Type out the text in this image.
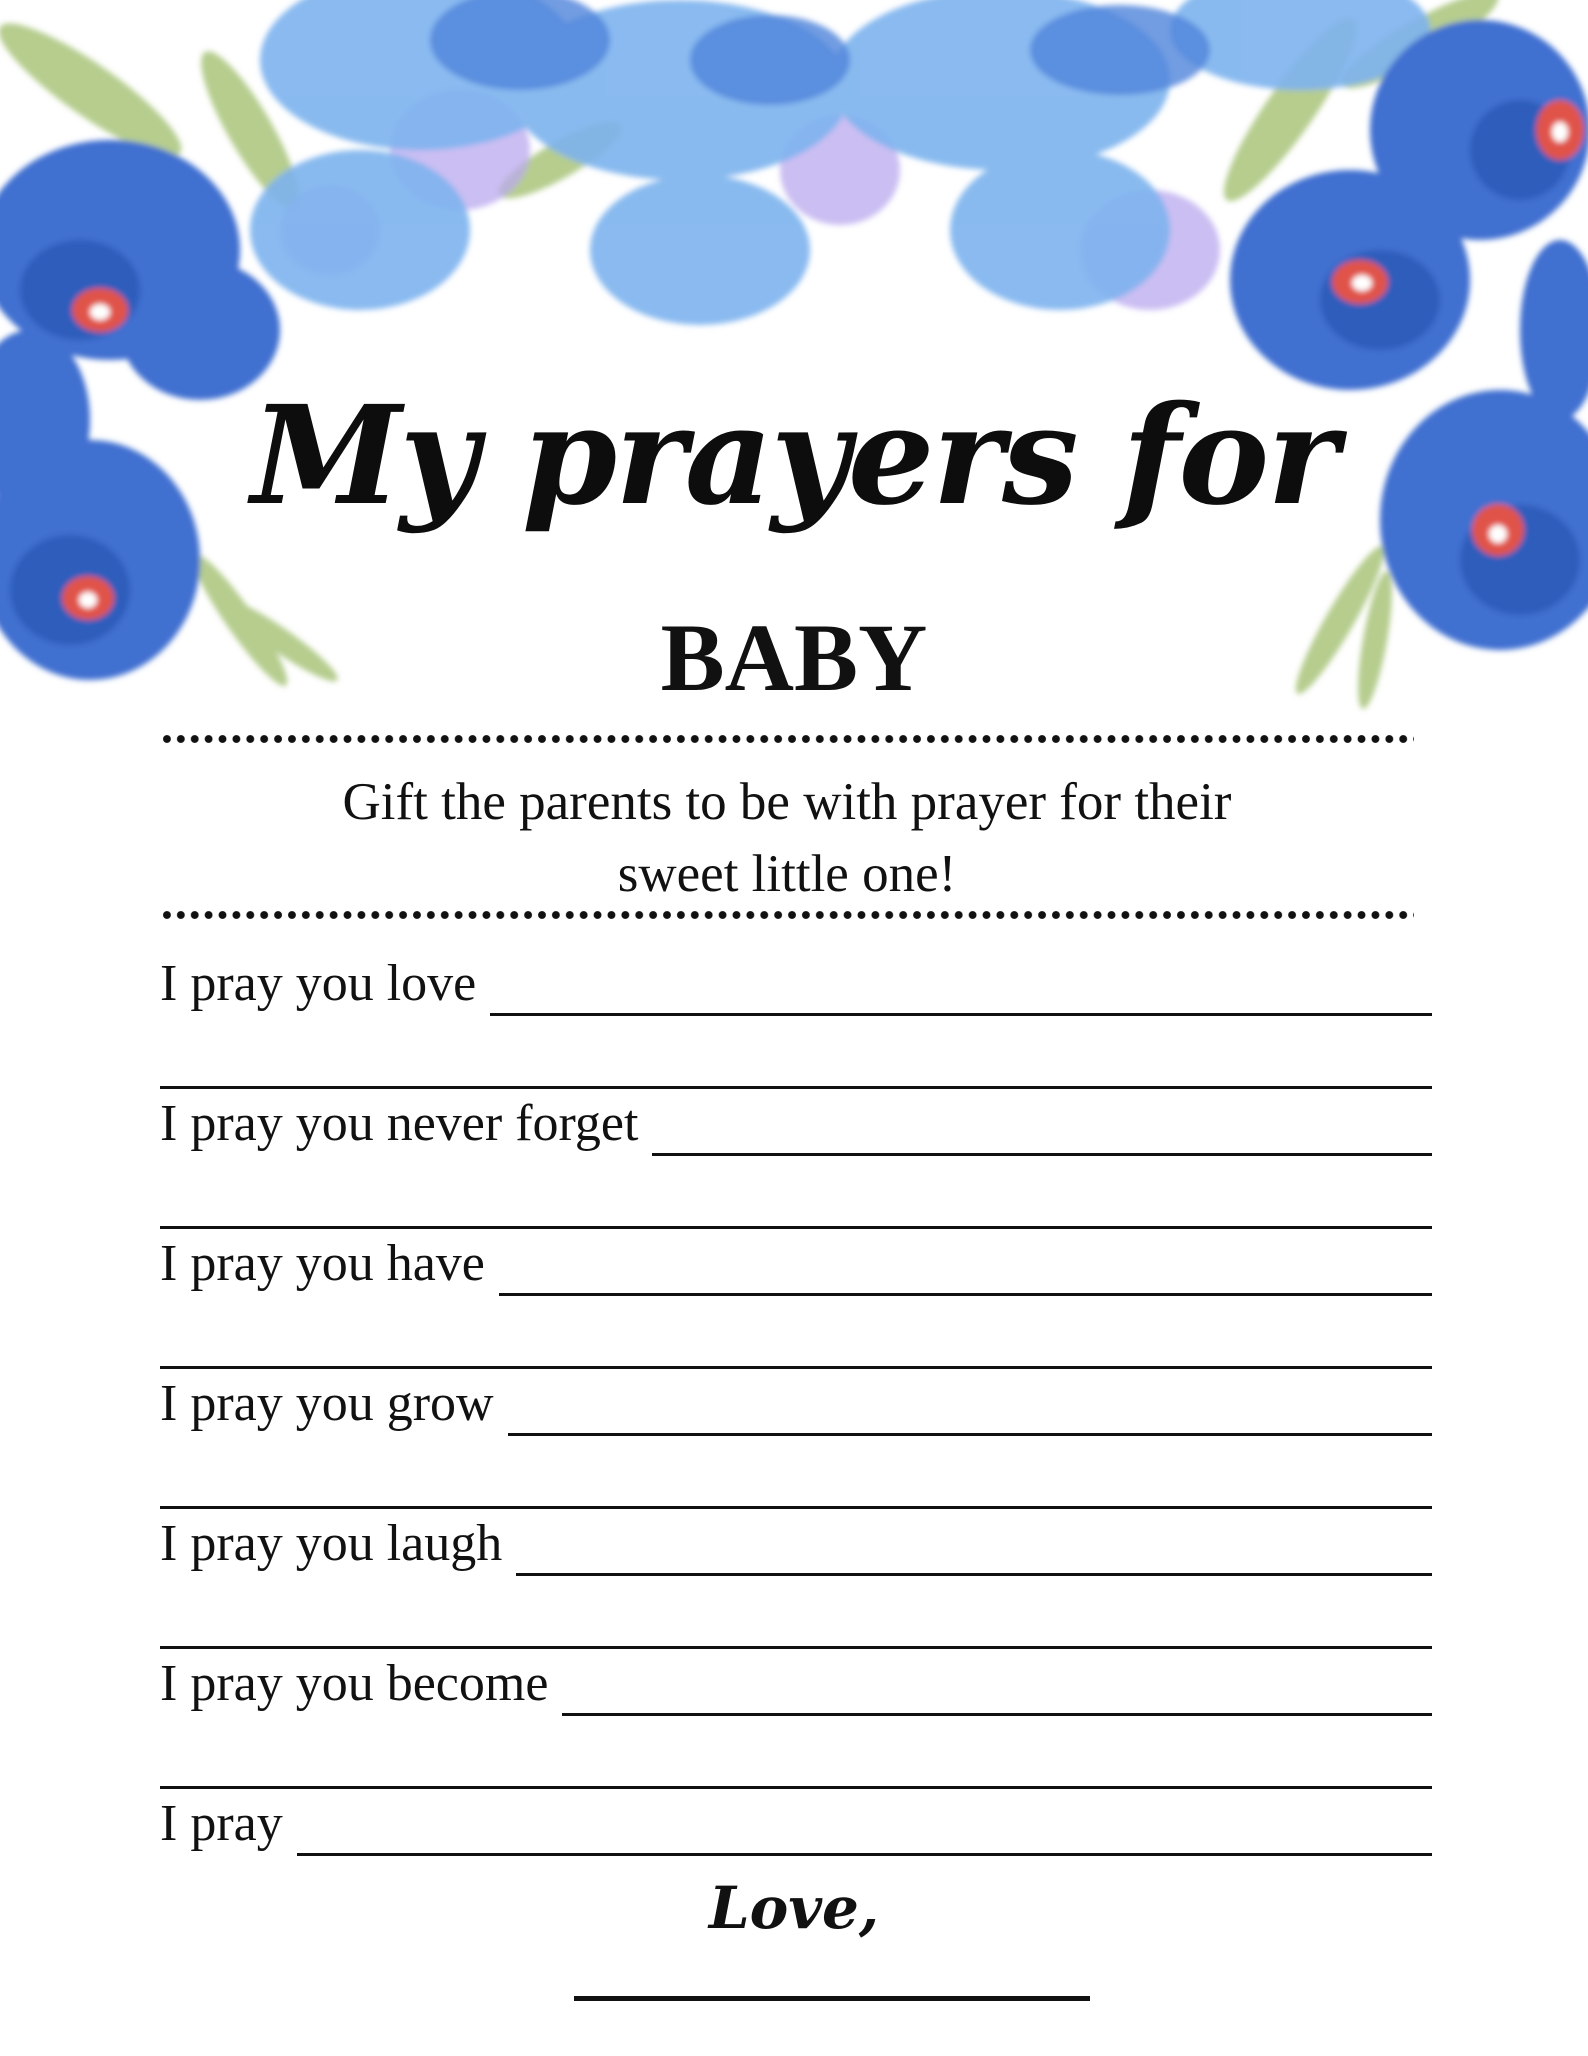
My prayers for
BABY
Gift the parents to be with prayer for their
sweet little one!
I pray you love
I pray you never forget
I pray you have
I pray you grow
I pray you laugh
I pray you become
I pray
Love,
